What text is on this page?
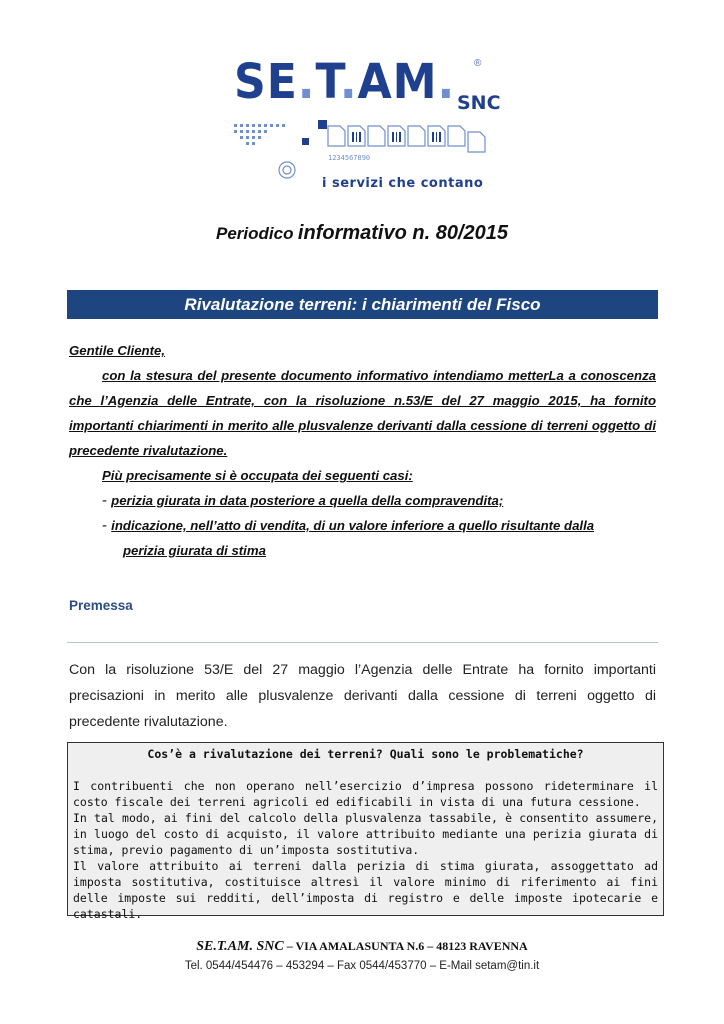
SE.T.AM. ®
SNC
1234567890
i servizi che contano
Periodico informativo n. 80/2015
Rivalutazione terreni: i chiarimenti del Fisco

Gentile Cliente,

con la stesura del presente documento informativo intendiamo metterLa a conoscenza che l’Agenzia delle Entrate, con la risoluzione n.53/E del 27 maggio 2015, ha fornito importanti chiarimenti in merito alle plusvalenze derivanti dalla cessione di terreni oggetto di precedente rivalutazione.

Più precisamente si è occupata dei seguenti casi:

- perizia giurata in data posteriore a quella della compravendita;

- indicazione, nell’atto di vendita, di un valore inferiore a quello risultante dalla

perizia giurata di stima

Premessa

Con la risoluzione 53/E del 27 maggio l’Agenzia delle Entrate ha fornito importanti precisazioni in merito alle plusvalenze derivanti dalla cessione di terreni oggetto di precedente rivalutazione.

Cos’è a rivalutazione dei terreni? Quali sono le problematiche?

I contribuenti che non operano nell’esercizio d’impresa possono rideterminare il costo fiscale dei terreni agricoli ed edificabili in vista di una futura cessione.

In tal modo, ai fini del calcolo della plusvalenza tassabile, è consentito assumere, in luogo del costo di acquisto, il valore attribuito mediante una perizia giurata di stima, previo pagamento di un’imposta sostitutiva.

Il valore attribuito ai terreni dalla perizia di stima giurata, assoggettato ad imposta sostitutiva, costituisce altresì il valore minimo di riferimento ai fini delle imposte sui redditi, dell’imposta di registro e delle imposte ipotecarie e catastali.

SE.T.AM. SNC – VIA AMALASUNTA N.6 – 48123 RAVENNA
Tel. 0544/454476 – 453294 – Fax 0544/453770 – E-Mail setam@tin.it
